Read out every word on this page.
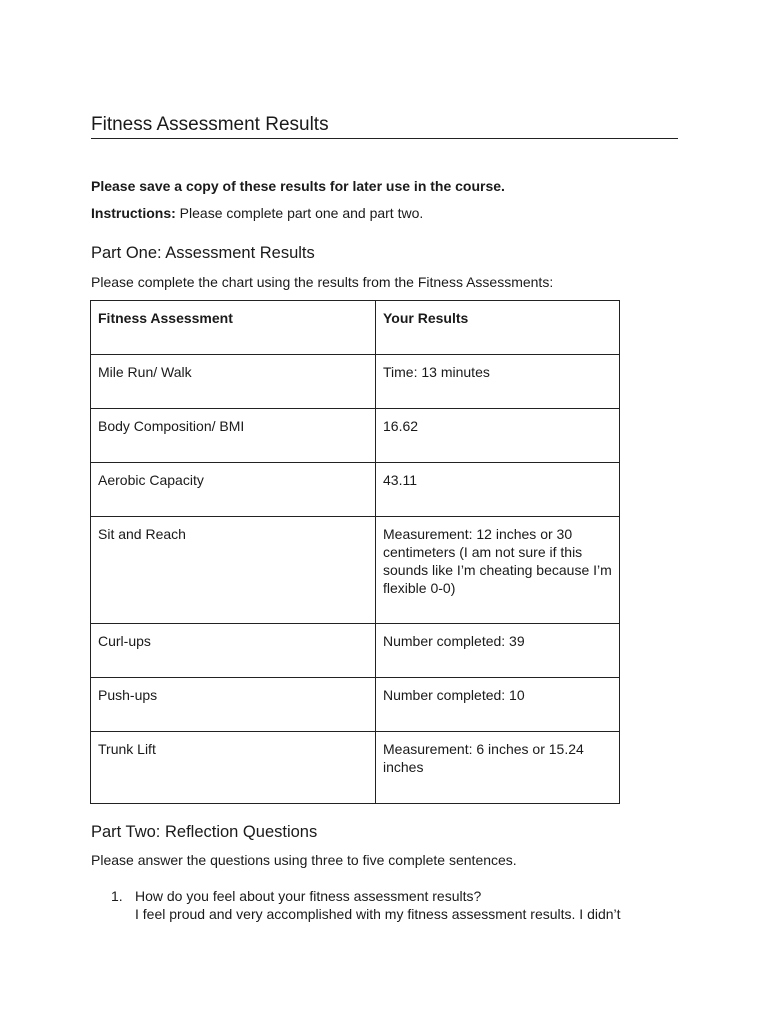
Fitness Assessment Results
Please save a copy of these results for later use in the course.
Instructions: Please complete part one and part two.
Part One: Assessment Results
Please complete the chart using the results from the Fitness Assessments:
Fitness Assessment	Your Results
Mile Run/ Walk	Time: 13 minutes
Body Composition/ BMI	16.62
Aerobic Capacity	43.11
Sit and Reach	Measurement: 12 inches or 30 centimeters (I am not sure if this sounds like I’m cheating because I’m flexible 0-0)
Curl-ups	Number completed: 39
Push-ups	Number completed: 10
Trunk Lift	Measurement: 6 inches or 15.24 inches
Part Two: Reflection Questions
Please answer the questions using three to five complete sentences.
1. How do you feel about your fitness assessment results?
I feel proud and very accomplished with my fitness assessment results. I didn’t
